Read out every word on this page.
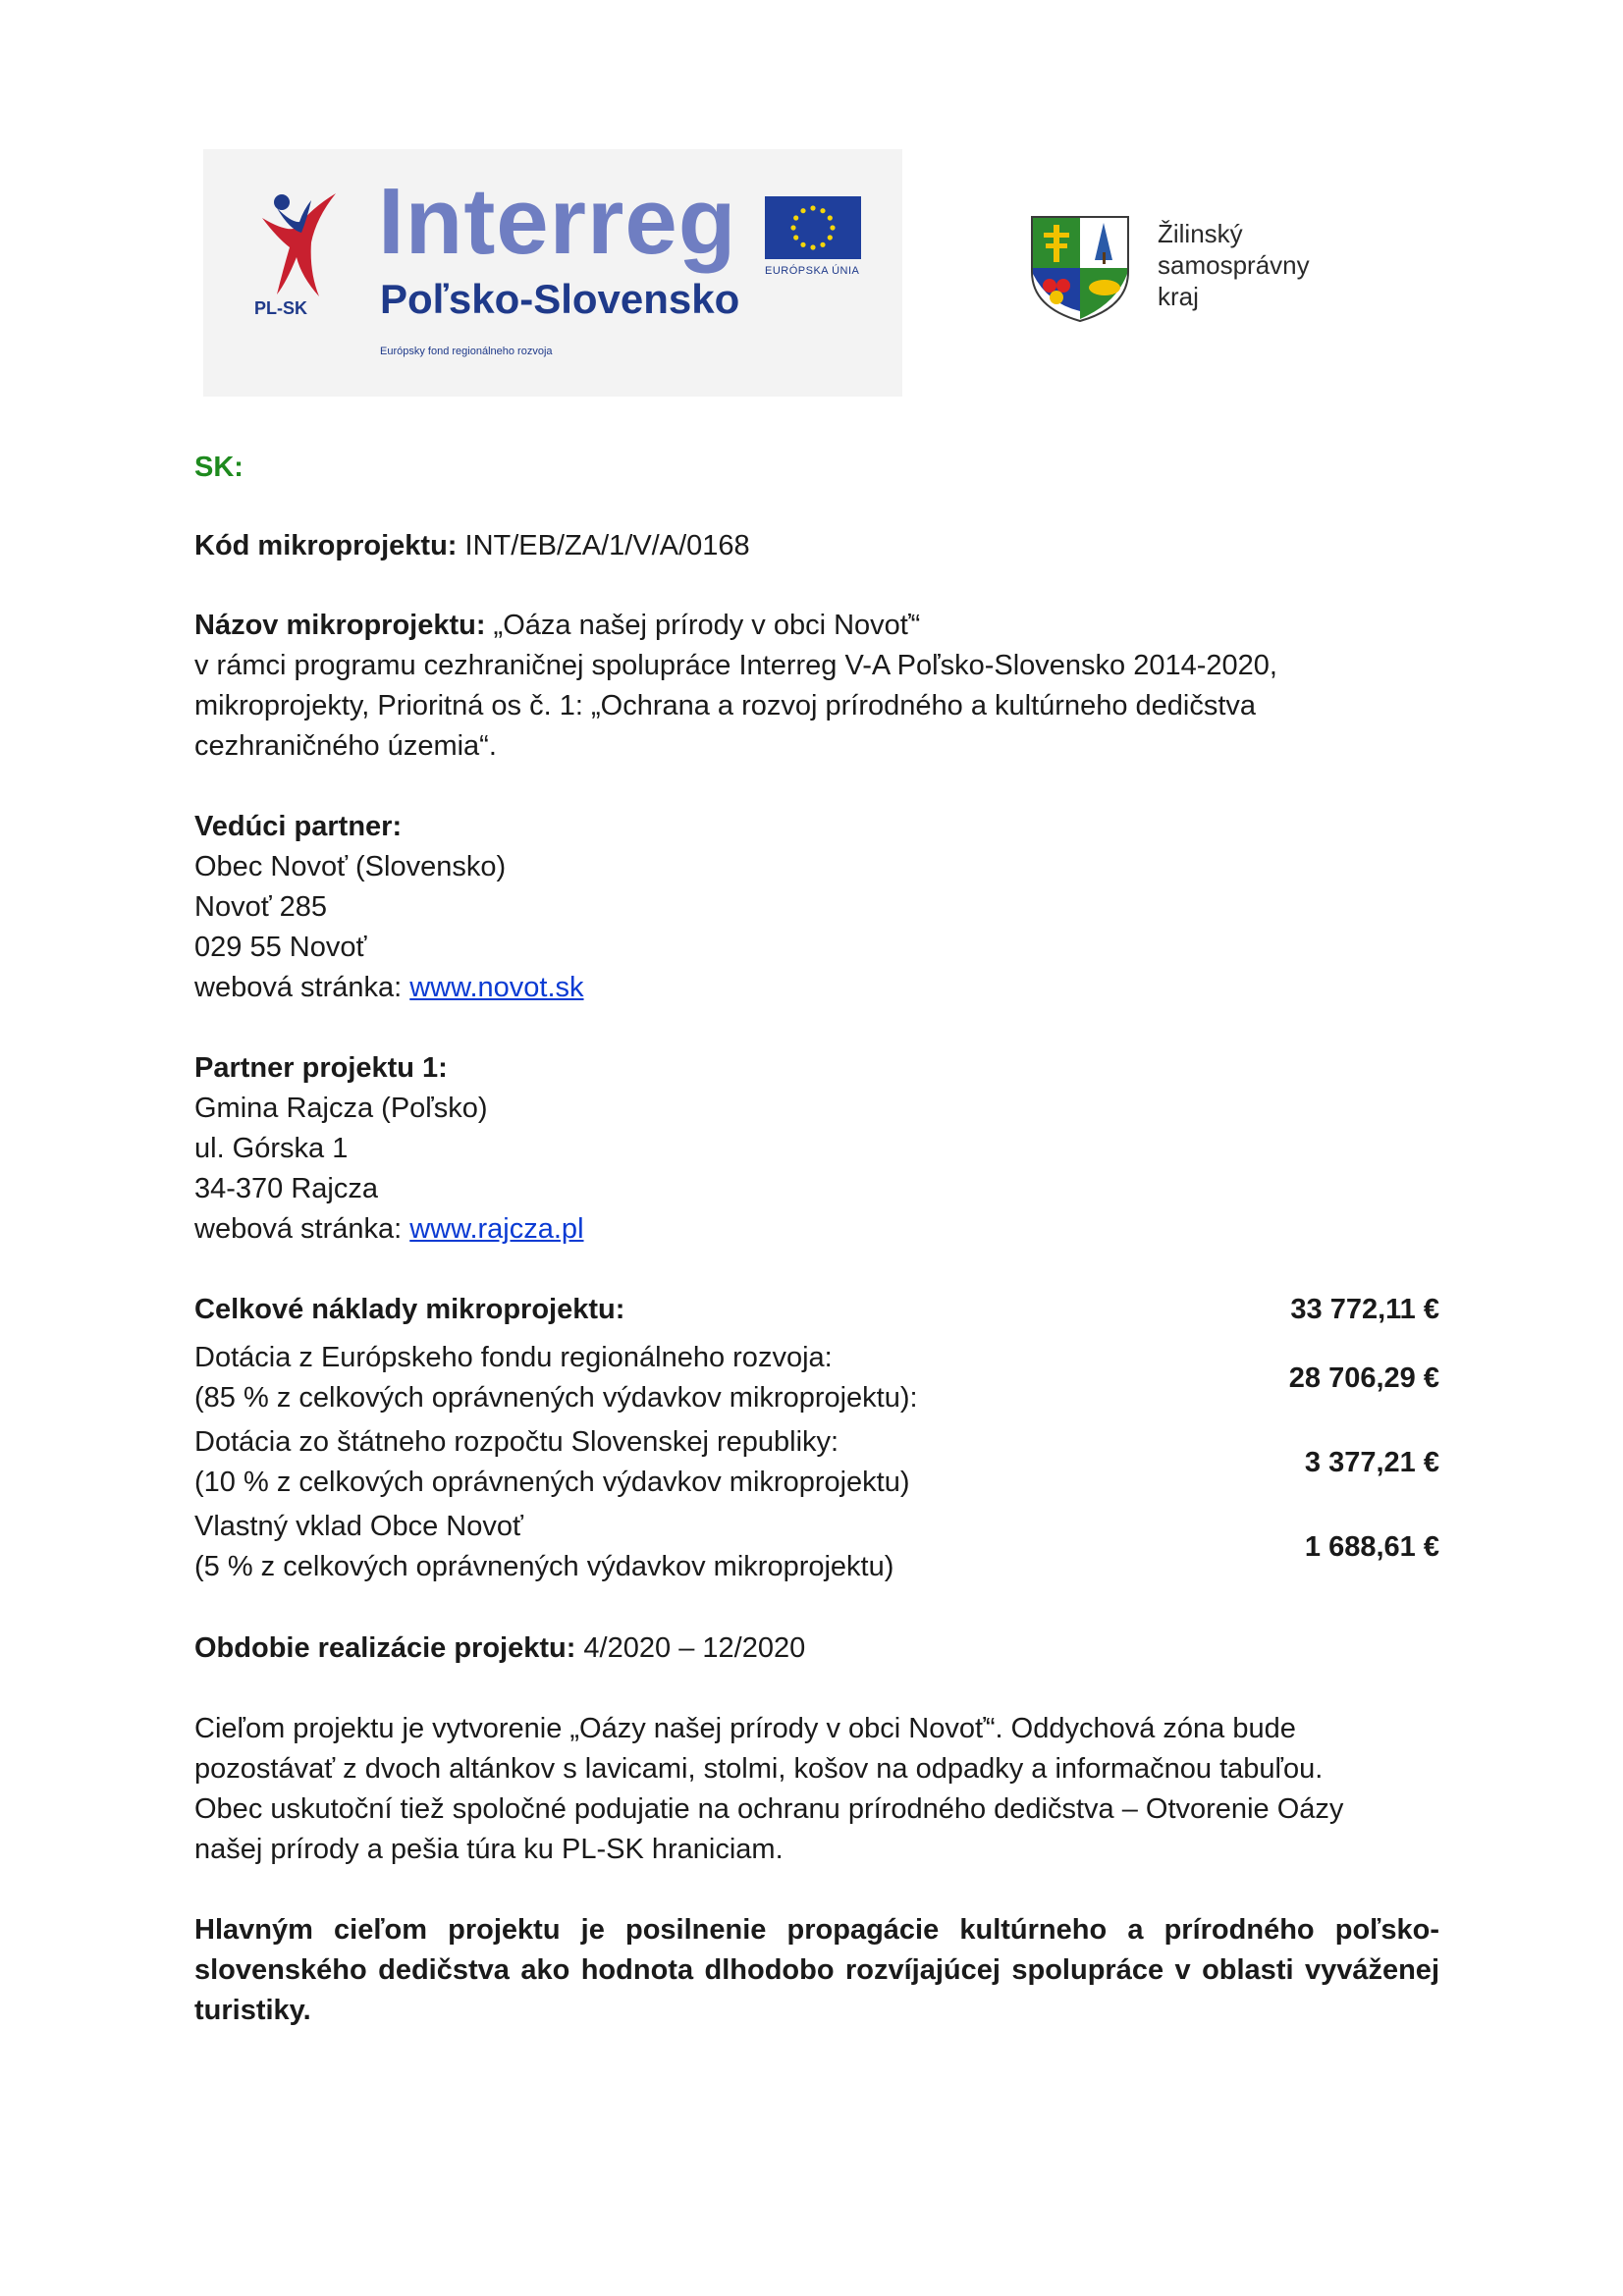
PL-SK
Interreg
Poľsko-Slovensko
Európsky fond regionálneho rozvoja
EURÓPSKA ÚNIA
Žilinský
samosprávny
kraj
SK:
Kód mikroprojektu: INT/EB/ZA/1/V/A/0168
Názov mikroprojektu: „Oáza našej prírody v obci Novoť“
v rámci programu cezhraničnej spolupráce Interreg V-A Poľsko-Slovensko 2014-2020,
mikroprojekty, Prioritná os č. 1: „Ochrana a rozvoj prírodného a kultúrneho dedičstva
cezhraničného územia“.
Vedúci partner:
Obec Novoť (Slovensko)
Novoť 285
029 55 Novoť
webová stránka: www.novot.sk
Partner projektu 1:
Gmina Rajcza (Poľsko)
ul. Górska 1
34-370 Rajcza
webová stránka: www.rajcza.pl
Celkové náklady mikroprojektu:	33 772,11 €
Dotácia z Európskeho fondu regionálneho rozvoja:
(85 % z celkových oprávnených výdavkov mikroprojektu):
28 706,29 €
Dotácia zo štátneho rozpočtu Slovenskej republiky:
(10 % z celkových oprávnených výdavkov mikroprojektu)
3 377,21 €
Vlastný vklad Obce Novoť
(5 % z celkových oprávnených výdavkov mikroprojektu)
1 688,61 €
Obdobie realizácie projektu: 4/2020 – 12/2020
Cieľom projektu je vytvorenie „Oázy našej prírody v obci Novoť“. Oddychová zóna bude
pozostávať z dvoch altánkov s lavicami, stolmi, košov na odpadky a informačnou tabuľou.
Obec uskutoční tiež spoločné podujatie na ochranu prírodného dedičstva – Otvorenie Oázy
našej prírody a pešia túra ku PL-SK hraniciam.
Hlavným cieľom projektu je posilnenie propagácie kultúrneho a prírodného poľsko-slovenského dedičstva ako hodnota dlhodobo rozvíjajúcej spolupráce v oblasti vyváženej turistiky.
